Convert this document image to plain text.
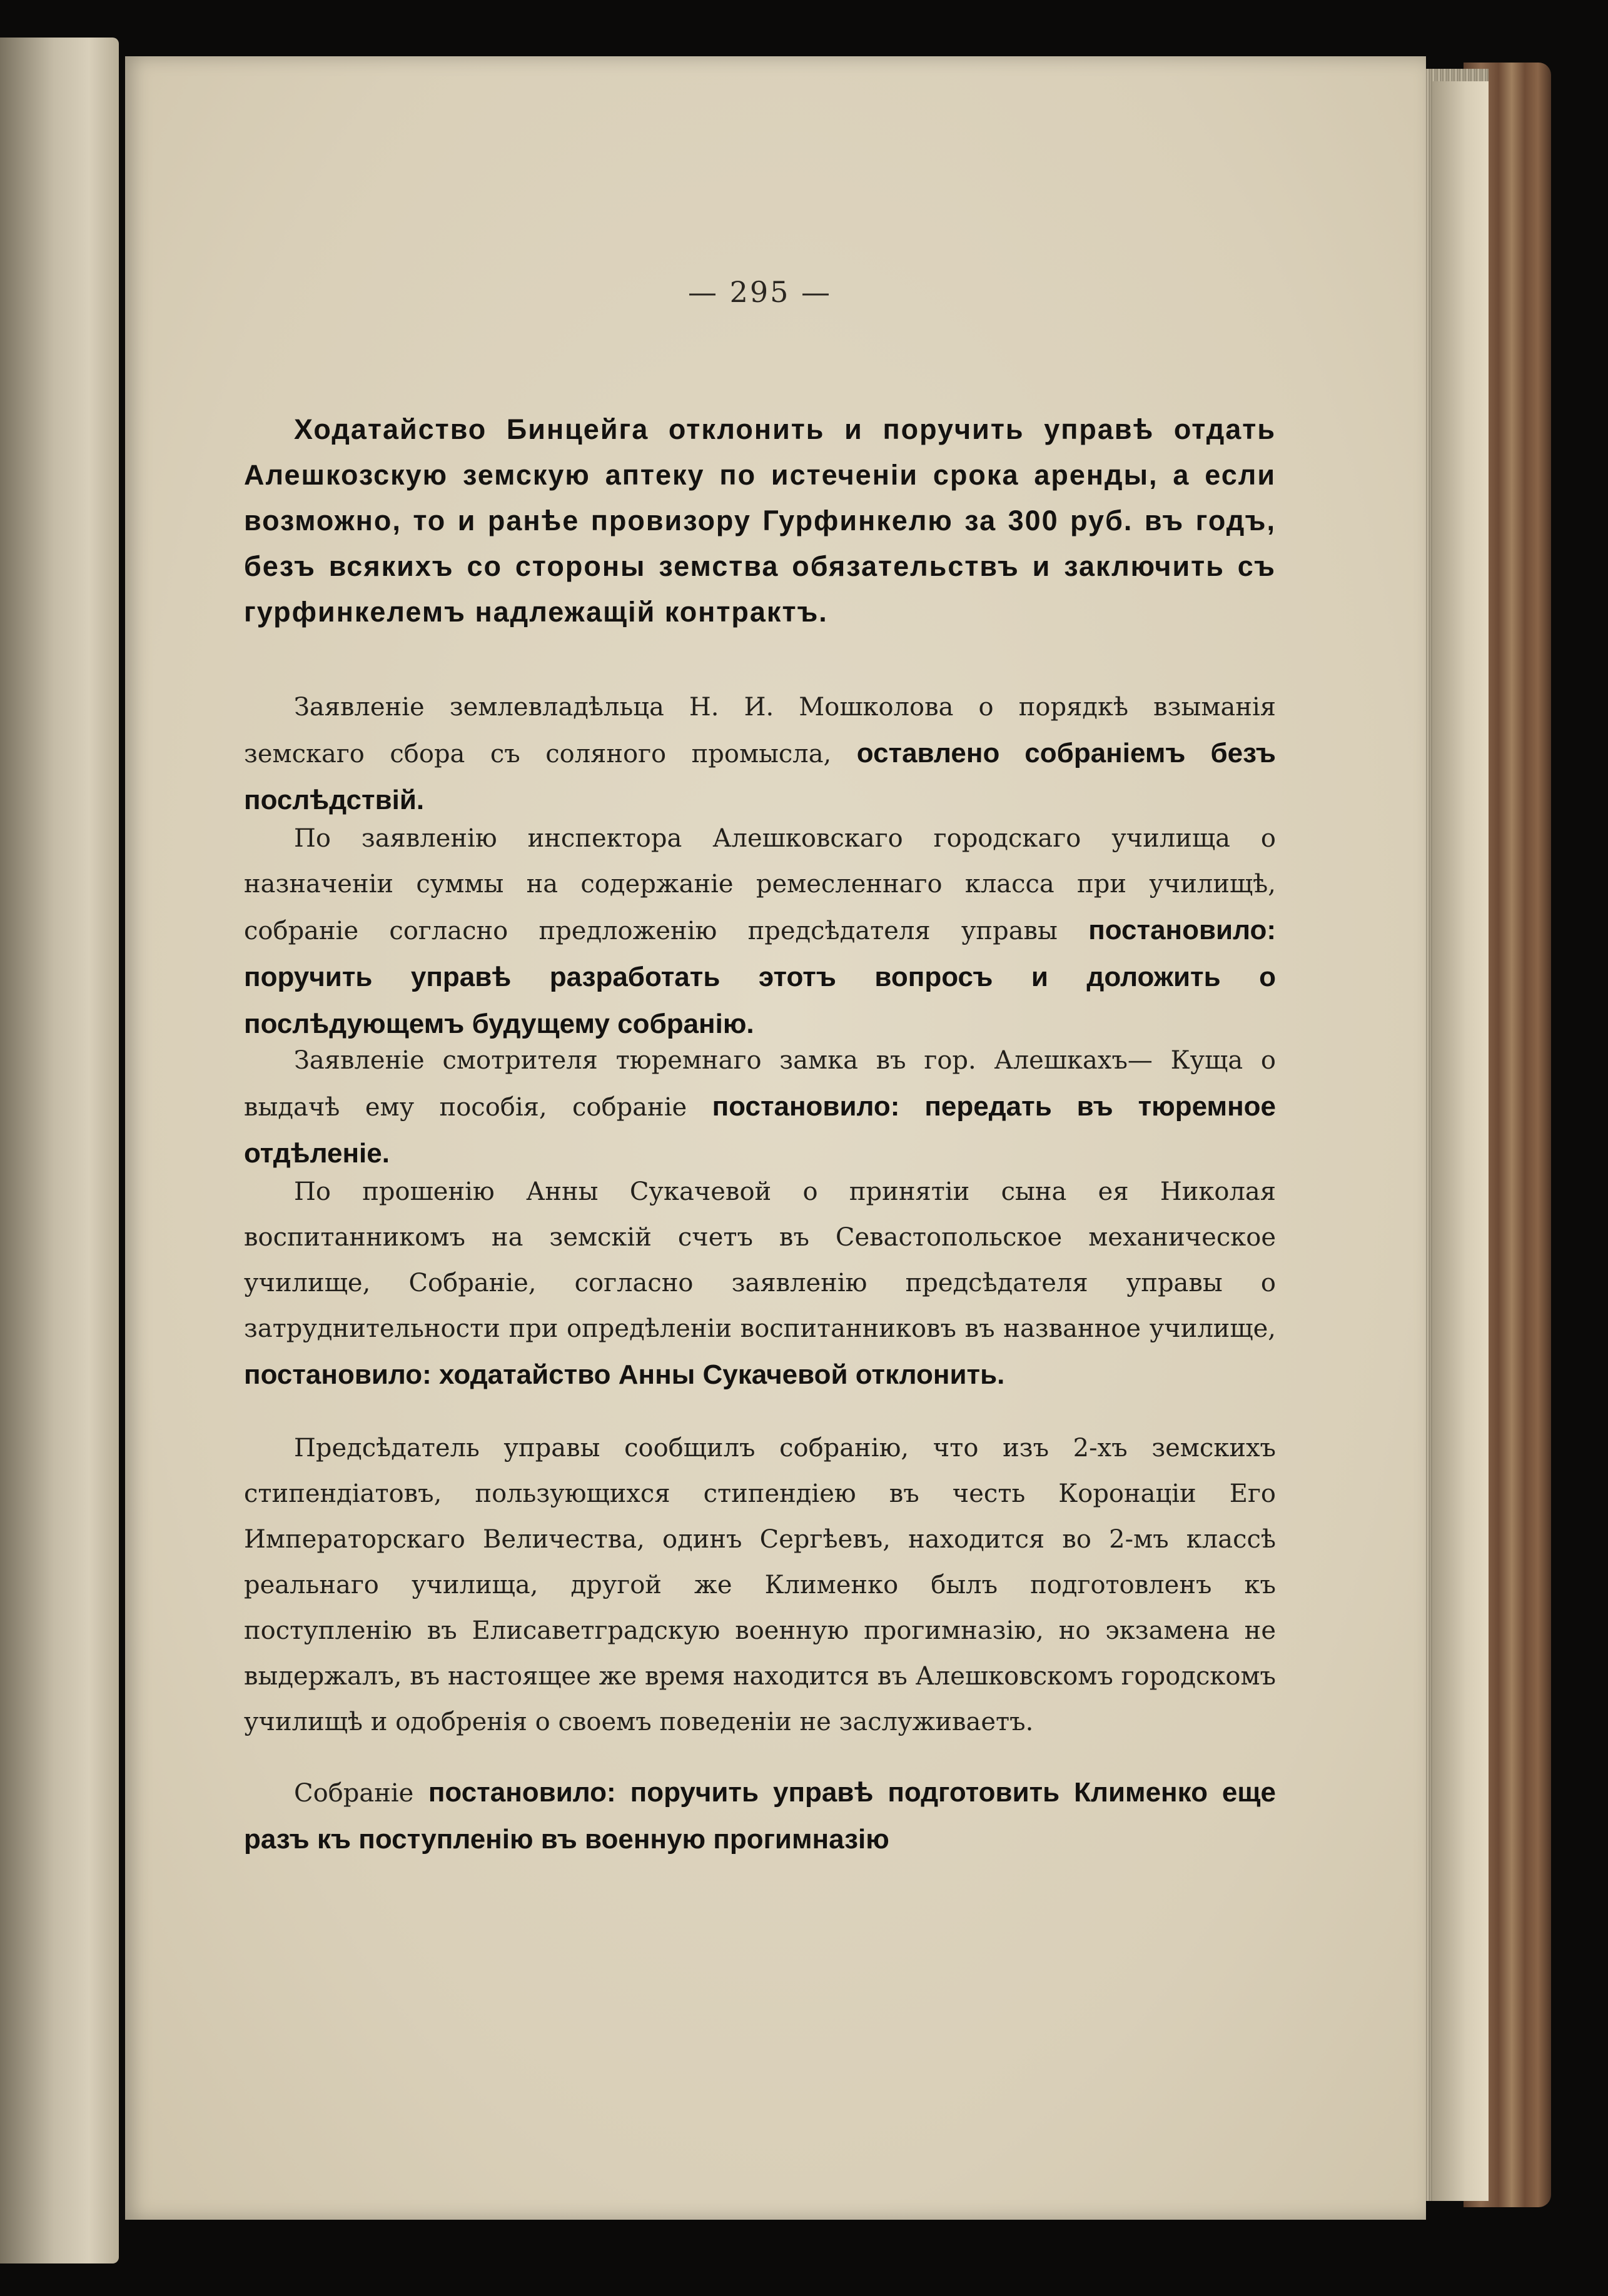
— 295 —

Ходатайство Бинцейга отклонить и поручить управѣ отдать Алешкозскую земскую аптеку по истеченіи срока аренды, а если возможно, то и ранѣе провизору Гурфинкелю за 300 руб. въ годъ, безъ всякихъ со стороны земства обязательствъ и заключить съ гурфинкелемъ надлежащій контрактъ.

Заявленіе землевладѣльца Н. И. Мошколова о порядкѣ взыманія земскаго сбора съ соляного промысла, оставлено собраніемъ безъ послѣдствій.

По заявленію инспектора Алешковскаго городскаго училища о назначеніи суммы на содержаніе ремесленнаго класса при училищѣ, собраніе согласно предложенію предсѣдателя управы постановило: поручить управѣ разработать этотъ вопросъ и доложить о послѣдующемъ будущему собранію.

Заявленіе смотрителя тюремнаго замка въ гор. Алешкахъ— Куща о выдачѣ ему пособія, собраніе постановило: передать въ тюремное отдѣленіе.

По прошенію Анны Сукачевой о принятіи сына ея Николая воспитанникомъ на земскій счетъ въ Севастопольское механическое училище, Собраніе, согласно заявленію предсѣдателя управы о затруднительности при опредѣленіи воспитанниковъ въ названное училище, постановило: ходатайство Анны Сукачевой отклонить.

Предсѣдатель управы сообщилъ собранію, что изъ 2-хъ земскихъ стипендіатовъ, пользующихся стипендіею въ честь Коронаціи Его Императорскаго Величества, одинъ Сергѣевъ, находится во 2-мъ классѣ реальнаго училища, другой же Клименко былъ подготовленъ къ поступленію въ Елисаветградскую военную прогимназію, но экзамена не выдержалъ, въ настоящее же время находится въ Алешковскомъ городскомъ училищѣ и одобренія о своемъ поведеніи не заслуживаетъ.

Собраніе постановило: поручить управѣ подготовить Клименко еще разъ къ поступленію въ военную прогимназію
